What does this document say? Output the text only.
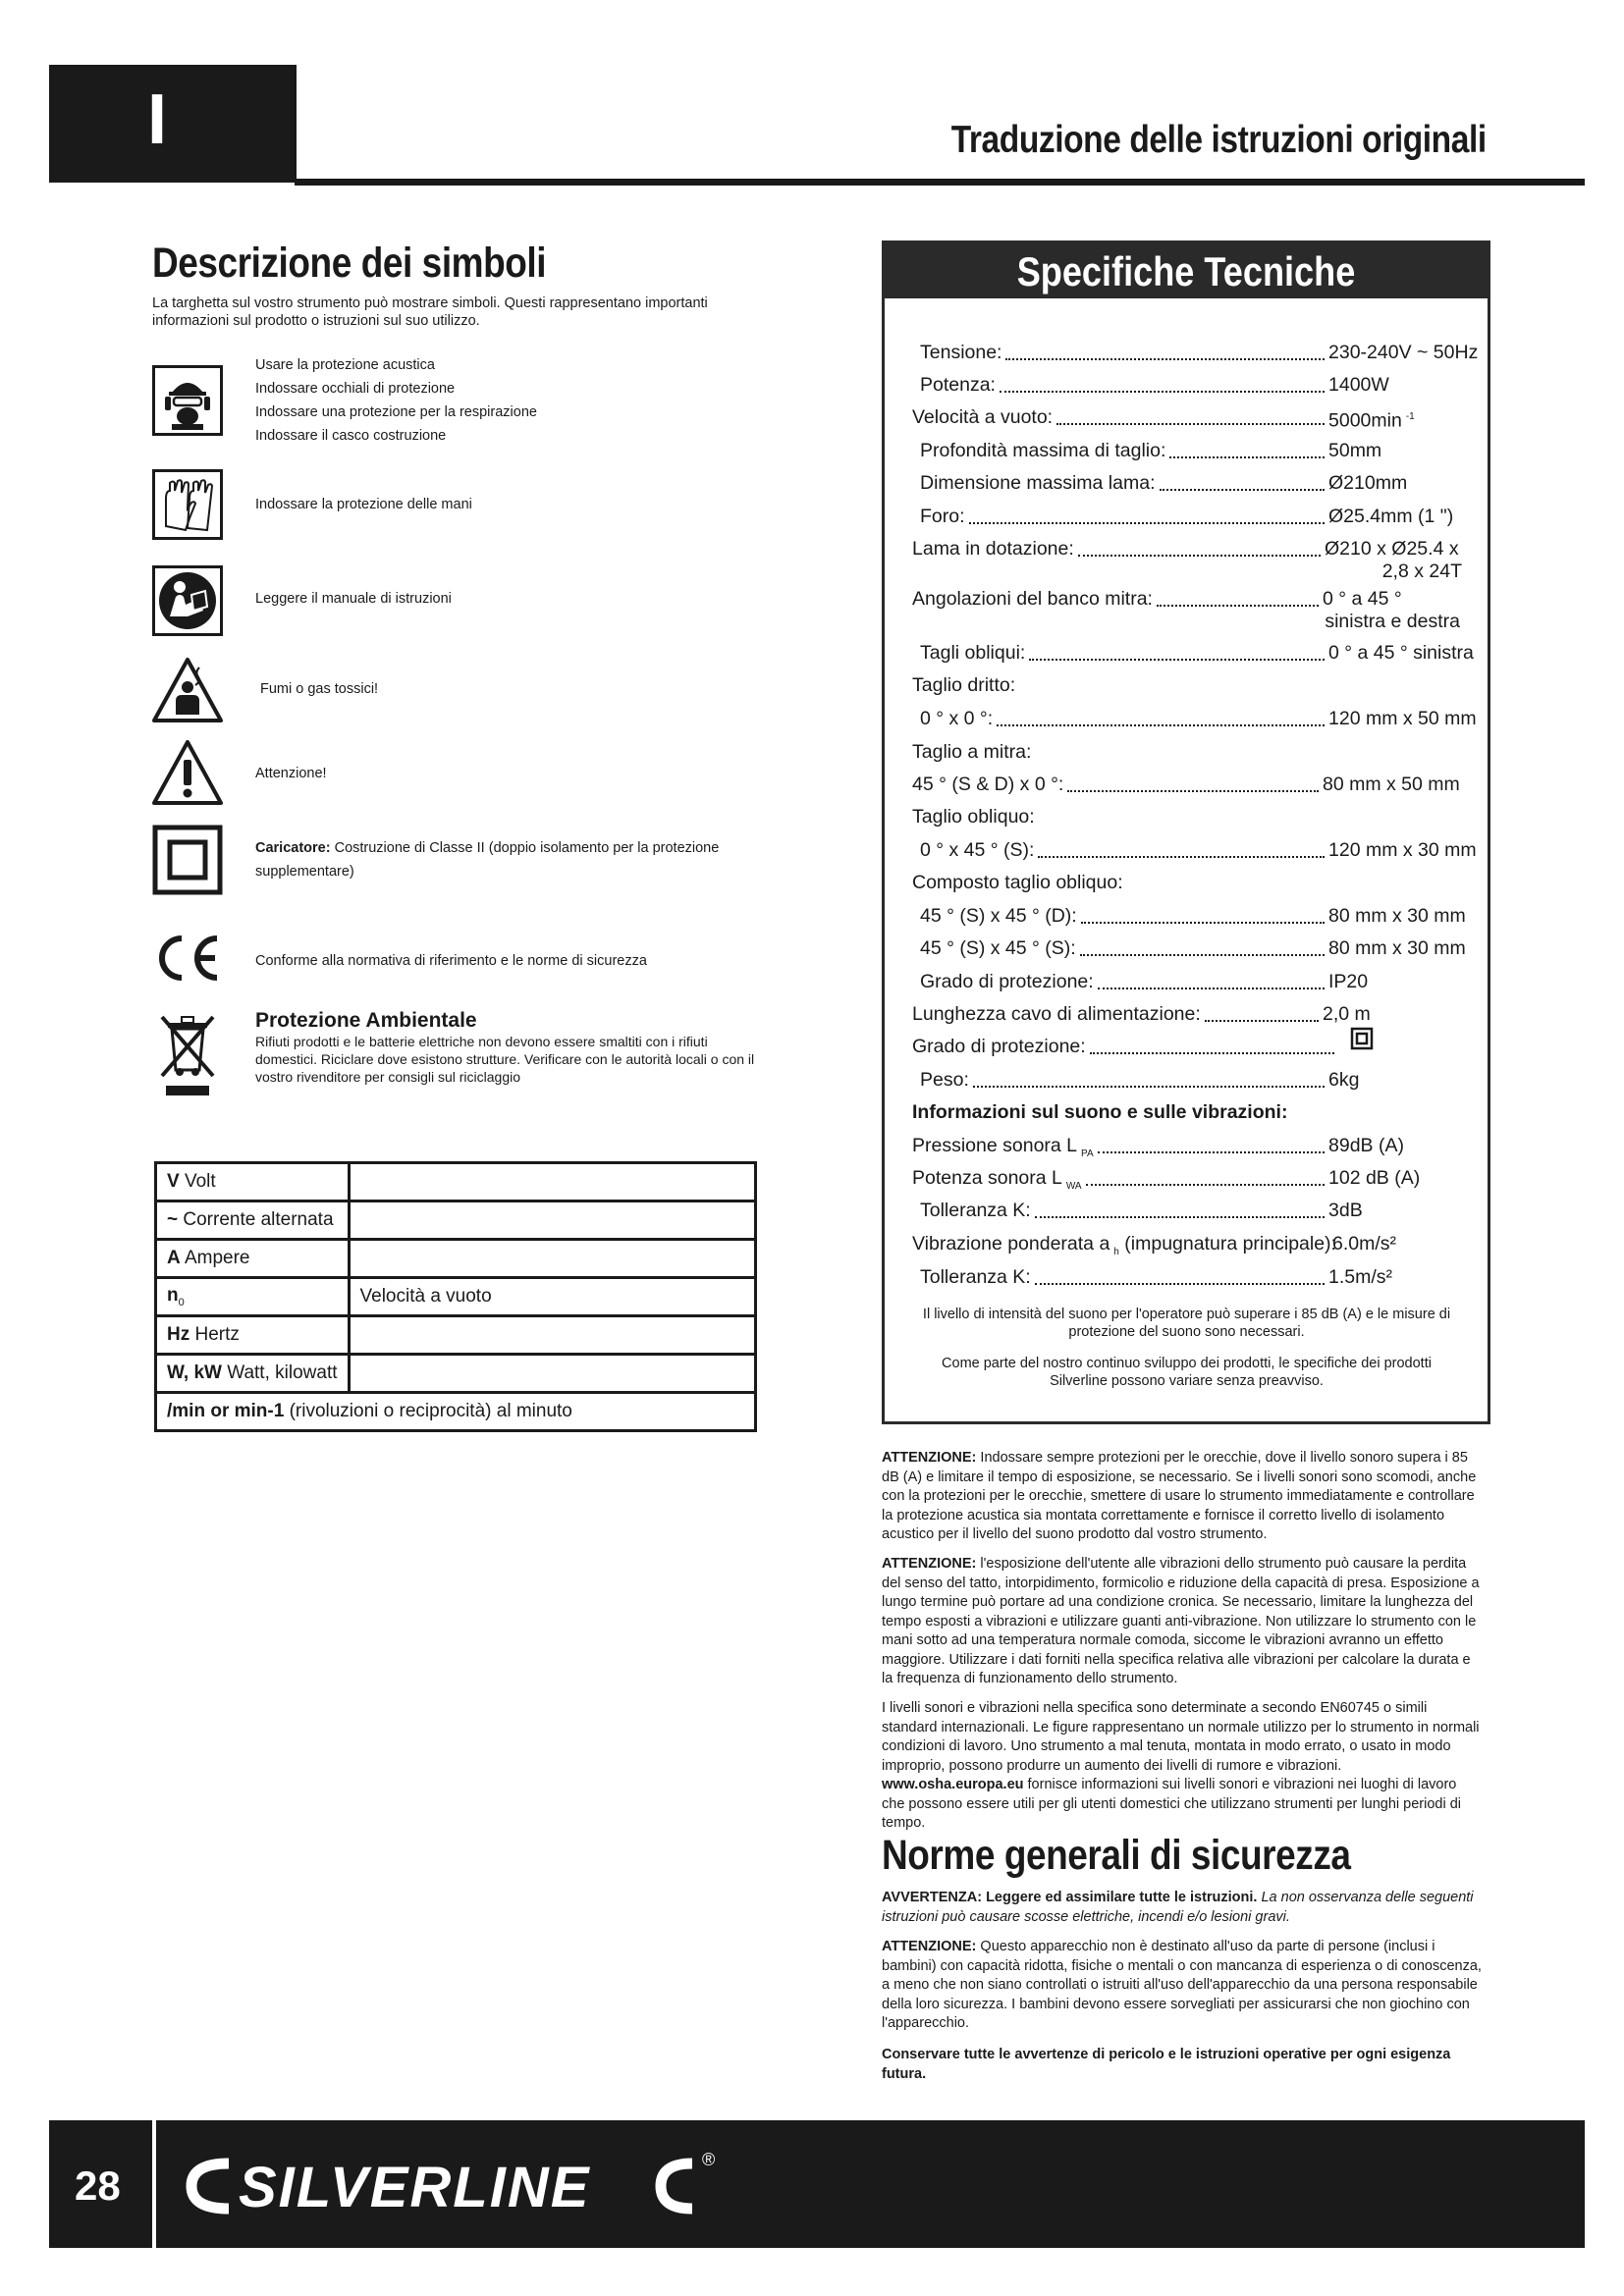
I	Traduzione delle istruzioni originali
Descrizione dei simboli
La targhetta sul vostro strumento può mostrare simboli. Questi rappresentano importanti informazioni sul prodotto o istruzioni sul suo utilizzo.
Usare la protezione acustica
Indossare occhiali di protezione
Indossare una protezione per la respirazione
Indossare il casco costruzione
Indossare la protezione delle mani
Leggere il manuale di istruzioni
Fumi o gas tossici!
Attenzione!
Caricatore: Costruzione di Classe II (doppio isolamento per la protezione supplementare)
Conforme alla normativa di riferimento e le norme di sicurezza
Protezione Ambientale
Rifiuti prodotti e le batterie elettriche non devono essere smaltiti con i rifiuti domestici. Riciclare dove esistono strutture. Verificare con le autorità locali o con il vostro rivenditore per consigli sul riciclaggio
V Volt	
~ Corrente alternata	
A Ampere	
$n_0$	Velocità a vuoto
Hz Hertz	
W, kW Watt, kilowatt	
/min or min-1 (rivoluzioni o reciprocità) al minuto
Specifiche Tecniche
Tensione:	230-240V ~ 50Hz
Potenza:	1400W
Velocità a vuoto:	5000min $^{-1}$
Profondità massima di taglio:	50mm
Dimensione massima lama:	Ø210mm
Foro:	Ø25.4mm (1 ")
Lama in dotazione:	Ø210 x Ø25.4 x
2,8 x 24T
Angolazioni del banco mitra:	0 ° a 45 °
sinistra e destra
Tagli obliqui:	0 ° a 45 ° sinistra
Taglio dritto:
0 ° x 0 °:	120 mm x 50 mm
Taglio a mitra:
45 ° (S & D) x 0 °:	80 mm x 50 mm
Taglio obliquo:
0 ° x 45 ° (S):	120 mm x 30 mm
Composto taglio obliquo:
45 ° (S) x 45 ° (D):	80 mm x 30 mm
45 ° (S) x 45 ° (S):	80 mm x 30 mm
Grado di protezione:	IP20
Lunghezza cavo di alimentazione:	2,0 m
Grado di protezione:
Peso:	6kg
Informazioni sul suono e sulle vibrazioni:
Pressione sonora L $_{PA}$	89dB (A)
Potenza sonora L $_{WA}$	102 dB (A)
Tolleranza K:	3dB
Vibrazione ponderata a $_h$ (impugnatura principale):
6.0m/s²
Tolleranza K:	1.5m/s²
Il livello di intensità del suono per l'operatore può superare i 85 dB (A) e le misure di protezione del suono sono necessari.
Come parte del nostro continuo sviluppo dei prodotti, le specifiche dei prodotti Silverline possono variare senza preavviso.
ATTENZIONE: Indossare sempre protezioni per le orecchie, dove il livello sonoro supera i 85 dB (A) e limitare il tempo di esposizione, se necessario. Se i livelli sonori sono scomodi, anche con la protezioni per le orecchie, smettere di usare lo strumento immediatamente e controllare la protezione acustica sia montata correttamente e fornisce il corretto livello di isolamento acustico per il livello del suono prodotto dal vostro strumento.
ATTENZIONE: l'esposizione dell'utente alle vibrazioni dello strumento può causare la perdita del senso del tatto, intorpidimento, formicolio e riduzione della capacità di presa. Esposizione a lungo termine può portare ad una condizione cronica. Se necessario, limitare la lunghezza del tempo esposti a vibrazioni e utilizzare guanti anti-vibrazione. Non utilizzare lo strumento con le mani sotto ad una temperatura normale comoda, siccome le vibrazioni avranno un effetto maggiore. Utilizzare i dati forniti nella specifica relativa alle vibrazioni per calcolare la durata e la frequenza di funzionamento dello strumento.
I livelli sonori e vibrazioni nella specifica sono determinate a secondo EN60745 o simili standard internazionali. Le figure rappresentano un normale utilizzo per lo strumento in normali condizioni di lavoro. Uno strumento a mal tenuta, montata in modo errato, o usato in modo improprio, possono produrre un aumento dei livelli di rumore e vibrazioni. www.osha.europa.eu fornisce informazioni sui livelli sonori e vibrazioni nei luoghi di lavoro che possono essere utili per gli utenti domestici che utilizzano strumenti per lunghi periodi di tempo.
Norme generali di sicurezza
AVVERTENZA: Leggere ed assimilare tutte le istruzioni. La non osservanza delle seguenti istruzioni può causare scosse elettriche, incendi e/o lesioni gravi.
ATTENZIONE: Questo apparecchio non è destinato all'uso da parte di persone (inclusi i bambini) con capacità ridotta, fisiche o mentali o con mancanza di esperienza o di conoscenza, a meno che non siano controllati o istruiti all'uso dell'apparecchio da una persona responsabile della loro sicurezza. I bambini devono essere sorvegliati per assicurarsi che non giochino con l'apparecchio.
Conservare tutte le avvertenze di pericolo e le istruzioni operative per ogni esigenza futura.
28 SILVERLINE	®
